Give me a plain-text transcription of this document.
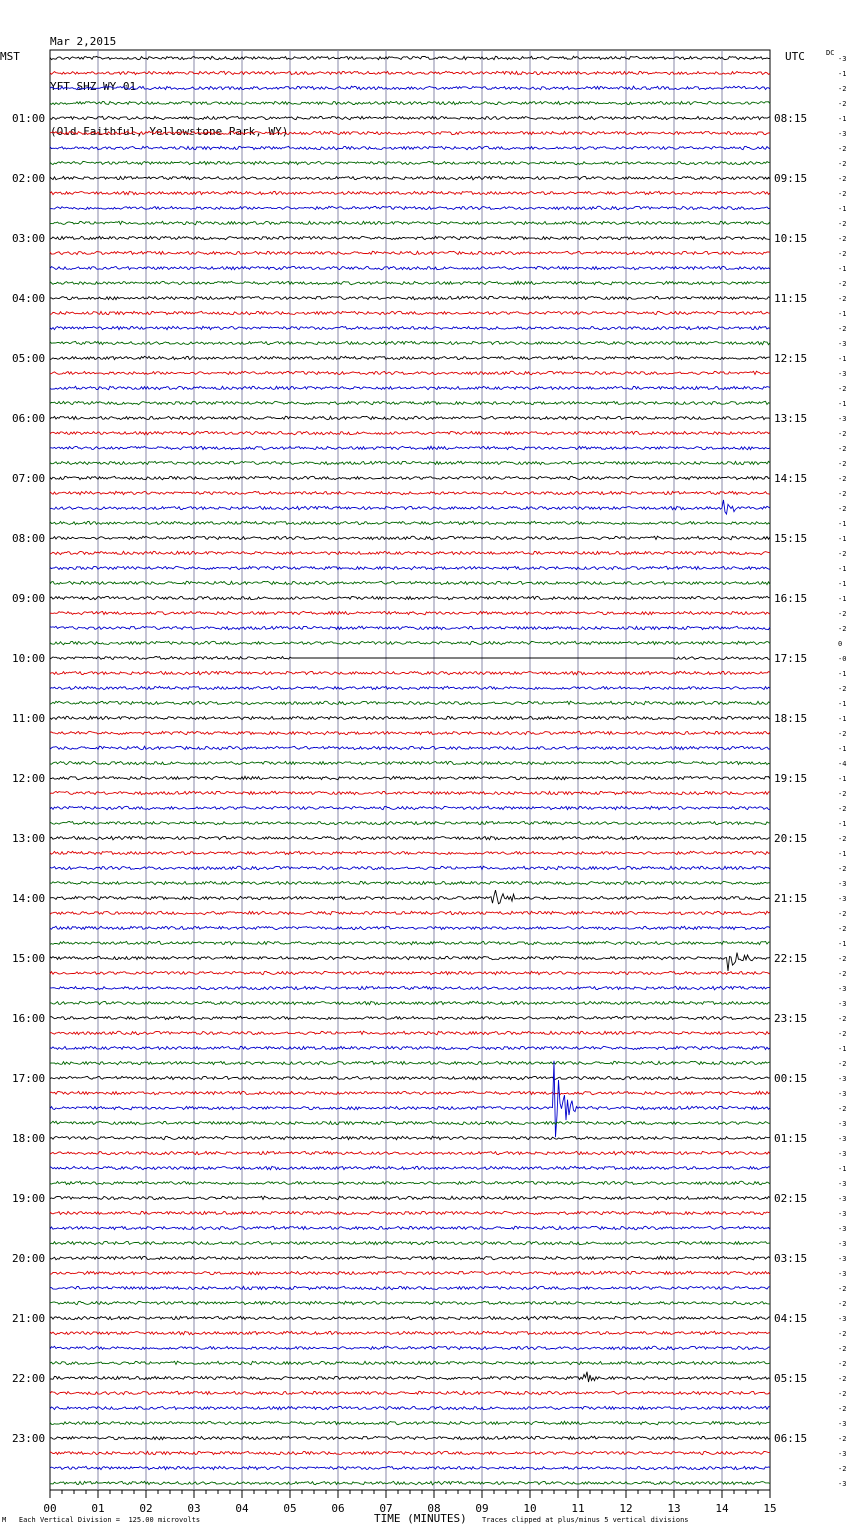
Mar 2,2015

YFT SHZ WY 01

(Old Faithful, Yellowstone Park, WY)

MST	UTC	DC
-3
-1
-2
-2
-1
-3
-2
-2
-2
-2
-1
-2
-2
-2
-1
-2
-2
-1
-2
-3
-1
-3
-2
-1
-3
-2
-2
-2
-2
-2
-2
-1
-1
-2
-1
-1
-1
-2
-2
0
-0
-1
-2
-1
-1
-2
-1
-4
-1
-2
-2
-1
-2
-1
-2
-3
-3
-2
-2
-1
-2
-2
-3
-3
-2
-2
-1
-2
-3
-3
-2
-3
-3
-3
-1
-3
-3
-3
-3
-3
-3
-3
-2
-2
-3
-2
-2
-2
-2
-2
-2
-3
-2
-3
-2
-3
01:00
02:00
03:00
04:00
05:00
06:00
07:00
08:00
09:00
10:00
11:00
12:00
13:00
14:00
15:00
16:00
17:00
18:00
19:00
20:00
21:00
22:00
23:00
08:15
09:15
10:15
11:15
12:15
13:15
14:15
15:15
16:15
17:15
18:15
19:15
20:15
21:15
22:15
23:15
00:15
01:15
02:15
03:15
04:15
05:15
06:15
00	01	02	03	04	05	06	07	08	09	10	11	12	13	14	15
M Each Vertical Division =  125.00 microvolts	TIME (MINUTES) Traces clipped at plus/minus 5 vertical divisions
